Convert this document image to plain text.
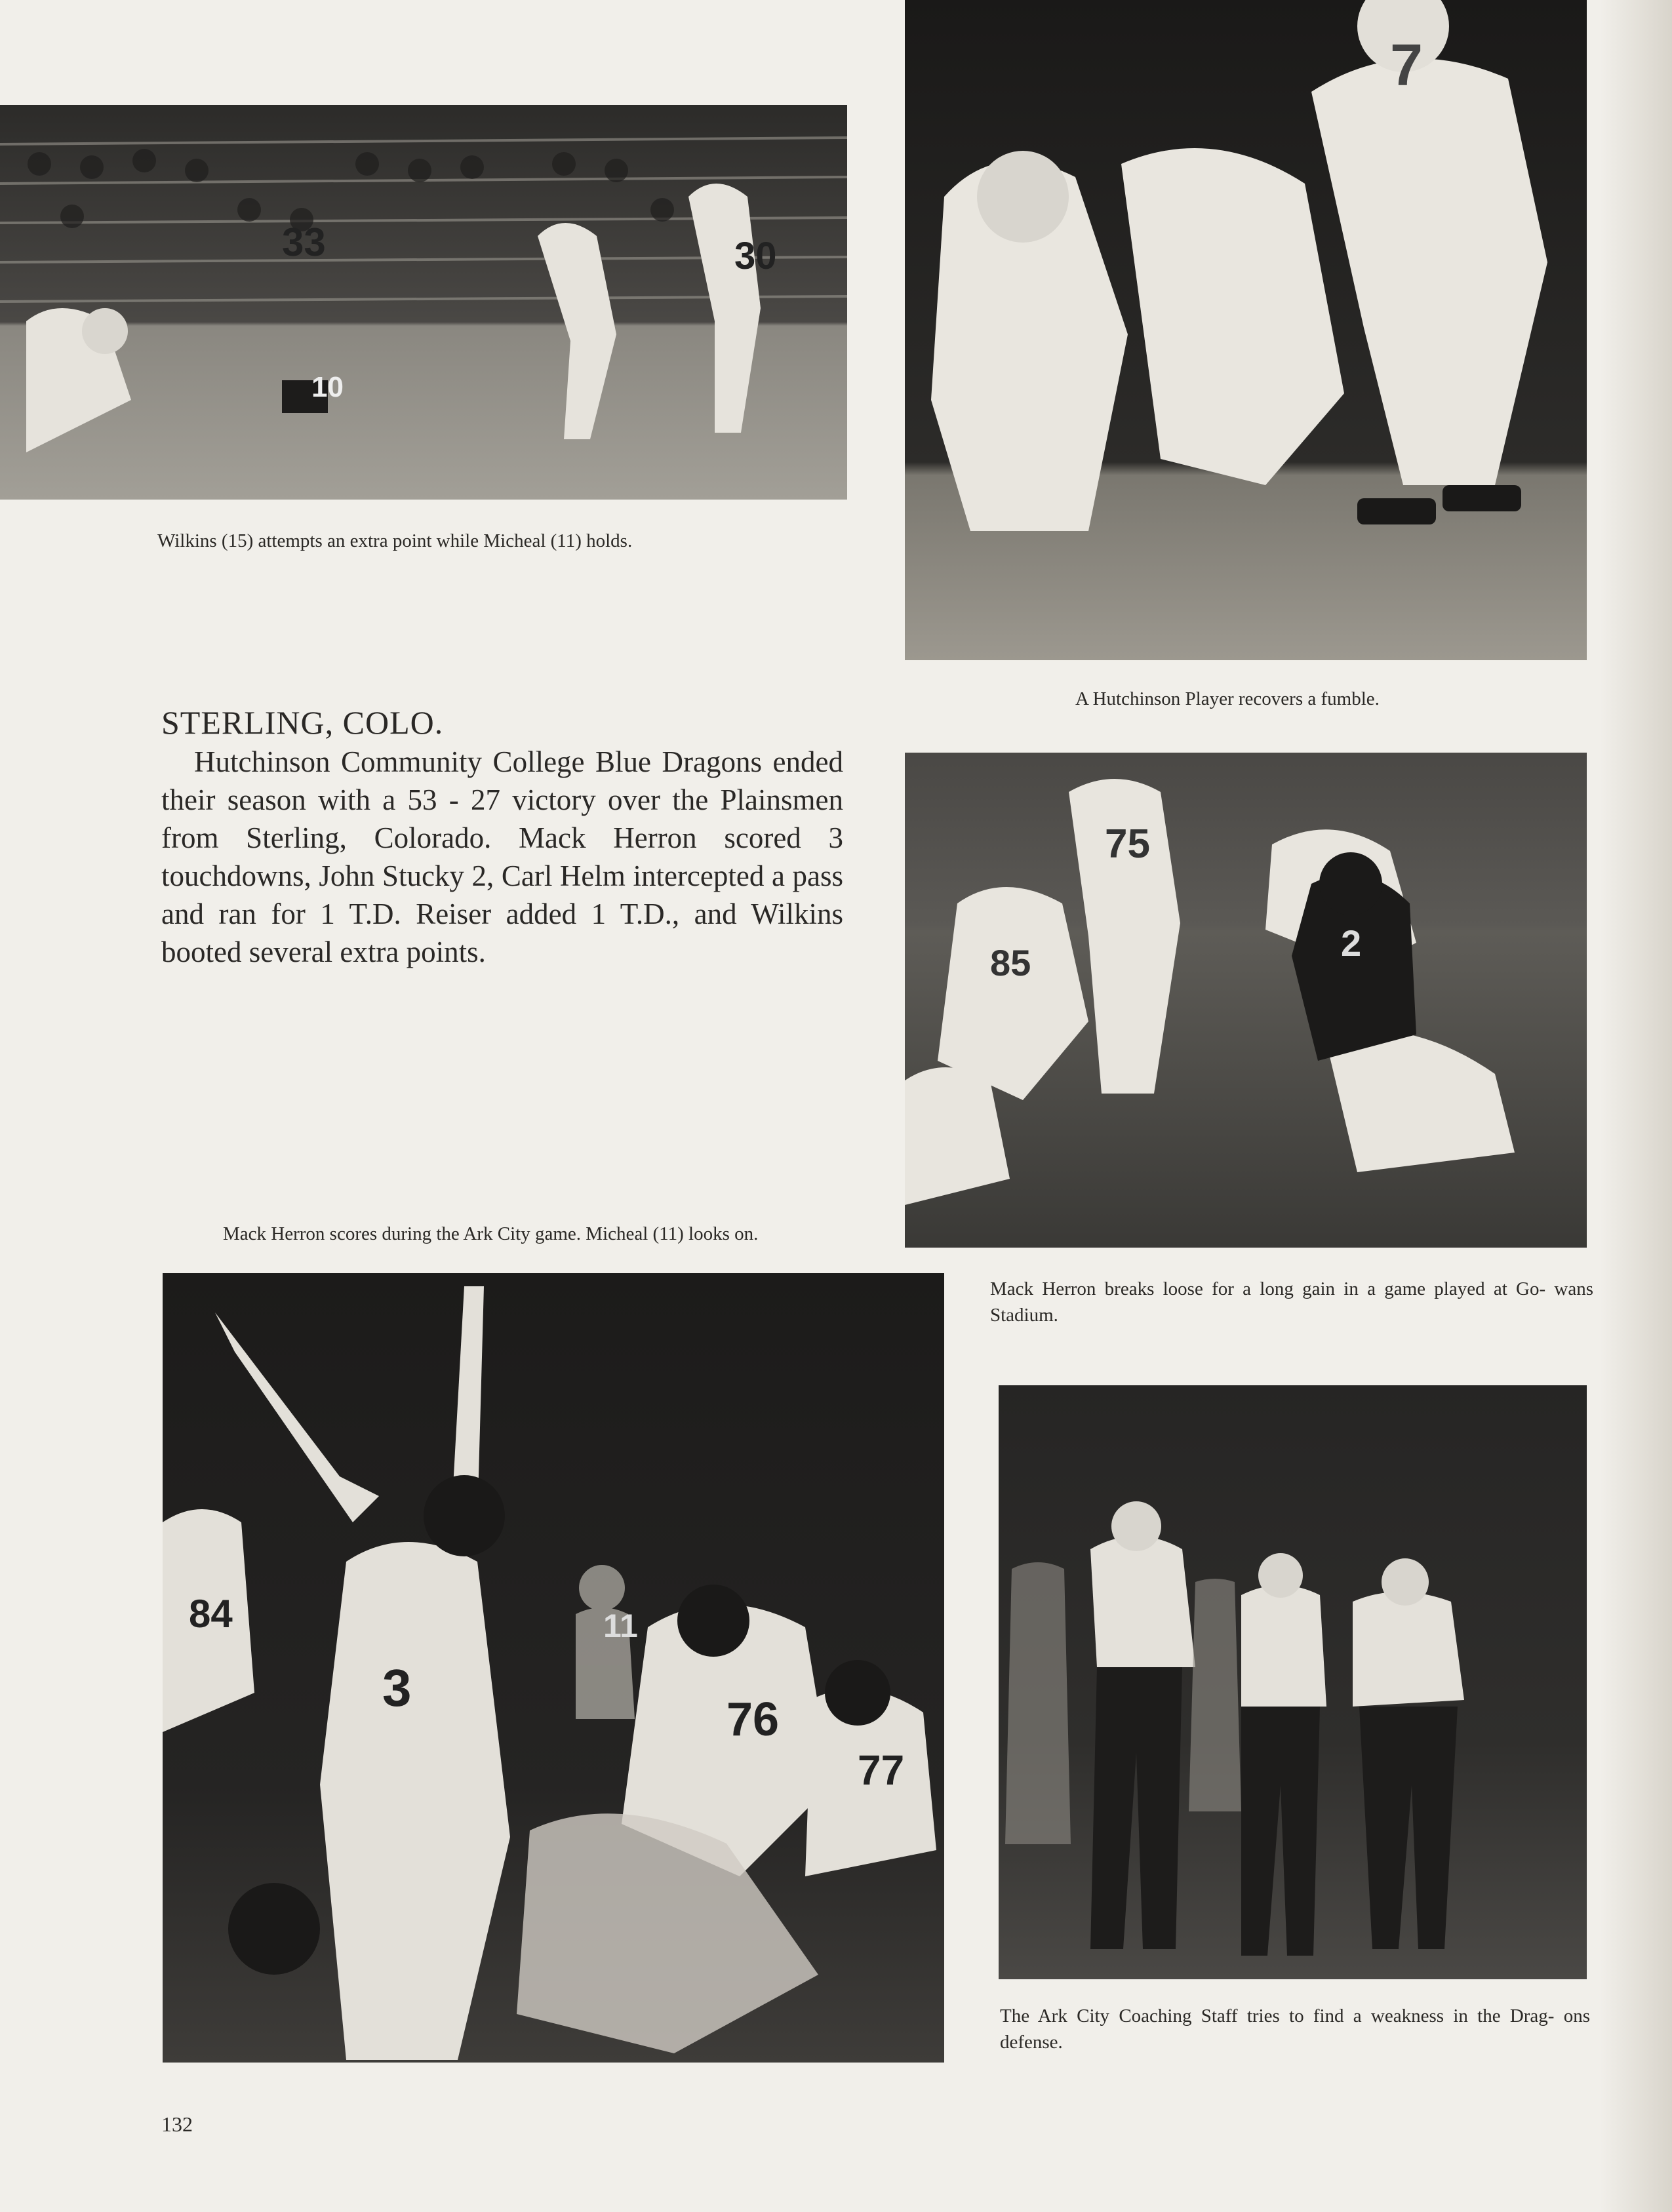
33	30
10
Wilkins (15) attempts an extra point while Micheal (11) holds.
7
A Hutchinson Player recovers a fumble.
STERLING, COLO.

Hutchinson Community College Blue Dragons ended their season with a 53 - 27 victory over the Plainsmen from Sterling, Colorado. Mack Herron scored 3 touchdowns, John Stucky 2, Carl Helm intercepted a pass and ran for 1 T.D. Reiser added 1 T.D., and Wilkins booted several extra points.

75
85	2
Mack Herron scores during the Ark City game. Micheal (11) looks on.
Mack Herron breaks loose for a long gain in a game played at Go- wans Stadium.
3
11
76
77
84
The Ark City Coaching Staff tries to find a weakness in the Drag- ons defense.
132
